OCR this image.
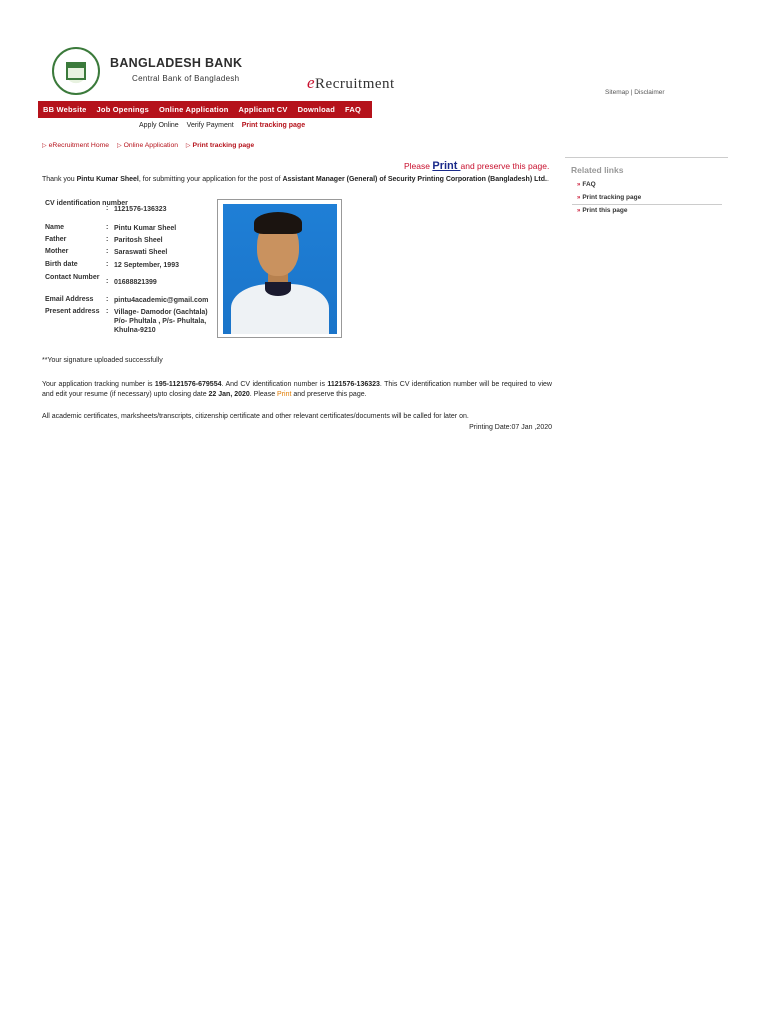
BANGLADESH BANK
Central Bank of Bangladesh	eRecruitment
Sitemap | Disclaimer
BB Website	Job Openings	Online Application	Applicant CV	Download	FAQ
Apply Online Verify Payment Print tracking page
▷ eRecruitment Home ▷ Online Application ▷ Print tracking page
Please Print and preserve this page.
Thank you Pintu Kumar Sheel, for submitting your application for the post of Assistant Manager (General) of Security Printing Corporation (Bangladesh) Ltd..
CV identification number
: 1121576-136323
Name	: Pintu Kumar Sheel
Father	: Paritosh Sheel
Mother	: Saraswati Sheel
Birth date	: 12 September, 1993
Contact Number
: 01688821399
Email Address	: pintu4academic@gmail.com
Present address : Village- Damodor (Gachtala)
P/o- Phultala , P/s- Phultala,
Khulna-9210
**Your signature uploaded successfully
Your application tracking number is 195-1121576-679554. And CV identification number is 1121576-136323. This CV identification number will be required to view and edit your resume (if necessary) upto closing date 22 Jan, 2020. Please Print and preserve this page.
All academic certificates, marksheets/transcripts, citizenship certificate and other relevant certificates/documents will be called for later on.
Printing Date:07 Jan ,2020
Related links
» FAQ
» Print tracking page
» Print this page
